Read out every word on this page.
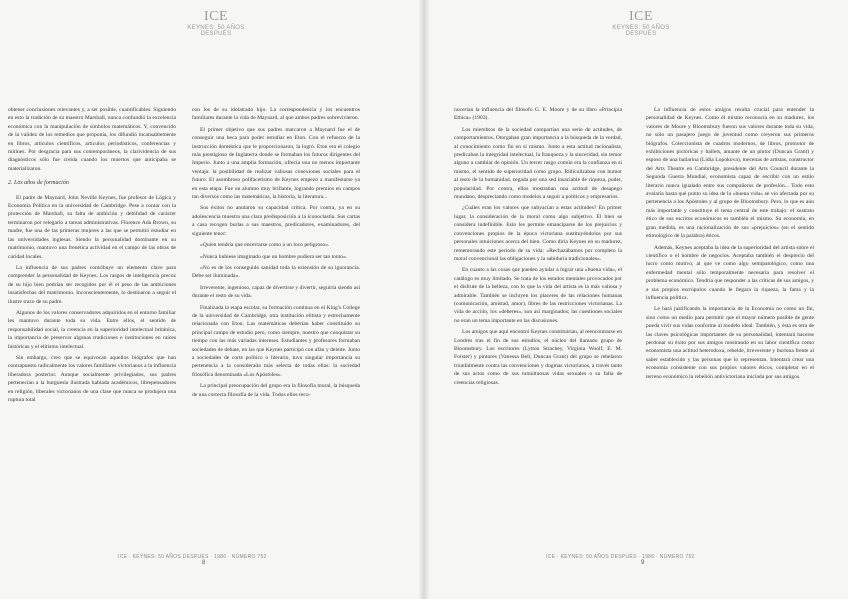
ICE
KEYNES: 50 AÑOS DESPUÉS

obtener conclusiones relevantes y, a ser posible, cuantificables. Siguiendo en esto la tradición de su maestro Marshall, nunca confundió la excelencia económica con la manipulación de símbolos matemáticos. Y, convencido de la validez de los remedios que proponía, los difundió incansablemente en libros, artículos científicos, artículos periodísticos, conferencias y mítines. Por desgracia para sus contemporáneos, la clarividencia de sus diagnósticos sólo fue creída cuando los muertos que anticipaba se materializaron.

2. Los años de formación

El padre de Maynard, John Neville Keynes, fue profesor de Lógica y Economía Política en la universidad de Cambridge. Pese a contar con la protección de Marshall, su falta de ambición y debilidad de carácter terminaron por relegarlo a tareas administrativas. Florence Ada Brown, su madre, fue una de las primeras mujeres a las que se permitió estudiar en las universidades inglesas. Siendo la personalidad dominante en su matrimonio, mantuvo una frenética actividad en el campo de las obras de caridad locales.

La influencia de sus padres contribuye un elemento clave para comprender la personalidad de Keynes. Los rasgos de inteligencia precoz de su hijo bien podrían ser recogidos por él el peso de las ambiciones insatisfechas del matrimonio. Inconscientemente, lo destinaron a seguir el ilustre trazo de su padre.

Algunos de los valores conservadores adquiridos en el entorno familiar les mantuvo durante toda su vida. Entre ellos, el sentido de responsabilidad social, la creencia en la superioridad intelectual británica, la importancia de preservar algunas tradiciones e instituciones en raíces históricas y el elitismo intelectual.

Sin embargo, creo que se equivocan aquellos biógrafos que han contrapuesto radicalmente los valores familiares victorianos a la influencia liberadora posterior. Aunque socialmente privilegiados, sus padres pertenecían a la burguesía ilustrada hablada académicos, librepensadores en religión, liberales victorianos de una clase que nunca se produjera una ruptura total

con los de su idolatrado hijo. La correspondencia y los encuentros familiares durante la vida de Maynard, al que ambos padres sobrevivieron.

El primer objetivo que sus padres marcaron a Maynard fue el de conseguir una beca para poder estudiar en Eton. Con el refuerzo de la instrucción doméstica que le proporcionaron, la logró. Eton era el colegio más prestigioso de Inglaterra donde se formaban los futuros dirigentes del Imperio. Junto a una amplia formación, ofrecía una no menos importante ventaja: la posibilidad de realizar valiosas conexiones sociales para el futuro. El asombroso polifacetismo de Keynes empezó a manifestarse ya en esta etapa. Fue un alumno muy brillante, logrando premios en campos tan diversos como las matemáticas, la historia, la literatura...

Sus éxitos no anularon su capacidad crítica. Por contra, ya en su adolescencia muestra una clara predisposición a la iconoclastia. Sus cartas a casa recogen burlas a sus maestros, predicadores, examinadores, del siguiente tenor:

«Quien tendría que encerrarse como a un loco peligroso».

«Nunca hubiese imaginado que un hombre pudiera ser tan tonto».

«No es de los conseguido sanidad toda la extensión de su ignorancia. Debe ser iluminada».

Irreverente, ingenioso, capaz de divertirse y divertir, seguiría siendo así durante el resto de su vida.

Finalizada la etapa escolar, su formación continua en el King's College de la universidad de Cambridge, otra institución elitista y estrechamente relacionada con Eton. Las matemáticas deberían haber constituido su principal campo de estudio pero, como siempre, nuestro que conquistar su tiempo con las más variadas intereses. Estudiantes y profesores formaban sociedades de debate, en las que Keynes participó con afán y deleite. Junto a sociedades de corte político o literario, tuvo singular importancia su pertenencia a la considerada más selecta de todas ellas: la sociedad filosófica denominada «Los Apóstoles».

La principal preocupación del grupo era la filosofía moral, la búsqueda de una correcta filosofía de la vida. Todos ellos reco-

ICE · KEYNES: 50 AÑOS DESPUÉS · 1986 · NÚMERO 752
8
ICE
KEYNES: 50 AÑOS DESPUÉS

nocerían la influencia del filósofo G. E. Moore y de su libro «Principia Ethica» (1903).

Los miembros de la sociedad compartían una serie de actitudes, de comportamientos. Otorgaban gran importancia a la búsqueda de la verdad, al conocimiento como fin en sí mismo. Junto a esta actitud racionalista, predicaban la integridad intelectual, la franqueza y la sinceridad, sin temor alguno a cambiar de opinión. Un tercer rasgo común era la confianza en sí mismo, el sentido de superioridad como grupo. Ridiculizaban con humor al resto de la humanidad, cegada por una sed insaciable de riqueza, poder, popularidad. Por contra, ellos mostraban una actitud de desapego mundano, despreciando como modelos a seguir a políticos y empresarios.

¿Cuáles eran los valores que subyacían a estas actitudes? En primer lugar, la consideración de la moral como algo subjetivo. El bien se considera indefinible. Esto les permite emanciparse de los prejuicios y convenciones propios de la época victoriana sustituyéndolos por sus personales intuiciones acerca del bien. Como diría Keynes en su madurez, rememorando este periodo de su vida: «Rechazábamos por completo la moral convencional las obligaciones y la sabiduría tradicionales».

En cuanto a las cosas que pueden ayudar a lograr una «buena vida», el catálogo es muy limitado. Se trata de los estados mentales provocados por el disfrute de la belleza, con lo que la vida del artista es la más valiosa y admirable. También se incluyen los placeres de las relaciones humanas (comunicación, amistad, amor), libres de las restricciones victorianas. La vida de acción, los «deberes», son así marginados; las cuestiones sociales no eran un tema importante en las discusiones.

Los amigos que aquí encontró Keynes constituirían, al reencontrarse en Londres tras el fin de sus estudios, el núcleo del llamado grupo de Bloomsbury. Los escritores (Lytton Strachey, Virginia Woolf, E. M. Forster) y pintores (Vanessa Bell, Duncan Grant) del grupo se rebelaron triunfalmente contra las convenciones y dogmas victorianos, a través tanto de sus actos como de sus tumultuosas vidas sexuales o su falta de creencias religiosas.

La influencia de estos amigos resulta crucial para entender la personalidad de Keynes. Como él mismo reconocía en su madurez, los valores de Moore y Bloomsbury fueron sus valores durante toda su vida, no sólo un pasajero juego de juventud como creyeron sus primeros biógrafos. Coleccionista de cuadros modernos, de libros, promotor de exhibiciones pictóricas y ballets, amante de un pintor (Duncan Grant) y esposo de una bailarina (Lidia Lopokova), mecenas de artistas, constructor del Arts Theatre en Cambridge, presidente del Arts Council durante la Segunda Guerra Mundial, economista capaz de escribir con un estilo literario nunca igualado entre sus compañeros de profesión... Todo esto avalaría hasta qué punto su idea de la «buena vida» se vio afectada por su pertenencia a los Apóstoles y al grupo de Bloomsbury. Pero, lo que es aún más importante y constituye el tema central de este trabajo: el sustrato ético de sus escritos económicos es también el mismo. Su economía, en gran medida, es una racionalización de sus «prejuicios» (en el sentido etimológico de la palabra) éticos.

Además, Keynes aceptaba la idea de la superioridad del artista sobre el científico o el hombre de negocios. Aceptaba también el desprecio del lucro como motivo, al que ve como algo semipatológico, como una enfermedad mental sólo temporalmente necesaria para resolver el problema económico. Tendría que responder a las críticas de sus amigos, y a sus propios escrúpulos cuando le llegara la riqueza, la fama y la influencia política.

Le hará justificando la importancia de la Economía no como un fin, sino como un medio para permitir que el mayor número posible de gente pueda vivir sus vidas conforme al modelo ideal. También, y ésta es otra de las claves psicológicas importantes de su personalidad, intentará hacerse perdonar su éxito por sus amigos mostrando en su labor científica como economista una actitud heterodoxa, rebelde, irreverente y burlona frente al saber establecido y las personas que lo representan. Intentará crear una economía consistente con sus propios valores éticos, completar en el terreno económico la rebelión antivictoriana iniciada por sus amigos.

ICE · KEYNES: 50 AÑOS DESPUÉS · 1986 · NÚMERO 752
9
